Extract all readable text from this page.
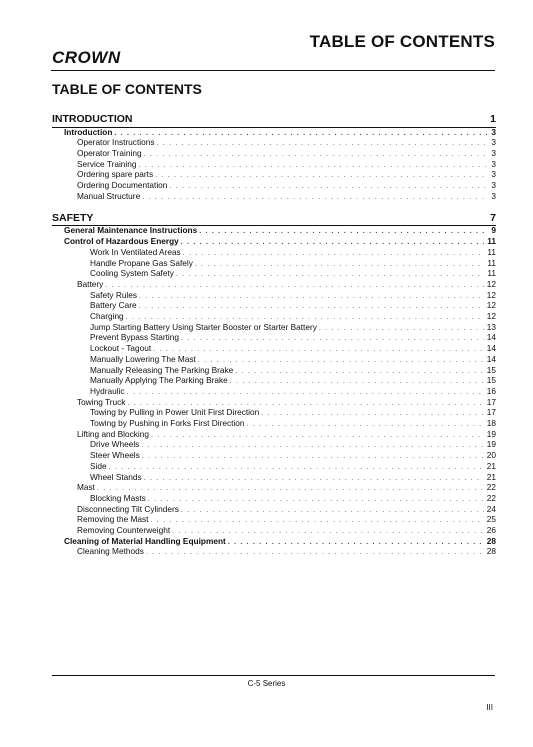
CROWN
TABLE OF CONTENTS
TABLE OF CONTENTS
INTRODUCTION	1
Introduction . . .	3
Operator Instructions . . .	3
Operator Training . . .	3
Service Training . . .	3
Ordering spare parts . . .	3
Ordering Documentation . . .	3
Manual Structure . . .	3
SAFETY	7
General Maintenance Instructions . . .	9
Control of Hazardous Energy . . .	11
Work In Ventilated Areas . . .	11
Handle Propane Gas Safely . . .	11
Cooling System Safety . . .	11
Battery . . .	12
Safety Rules . . .	12
Battery Care . . .	12
Charging . . .	12
Jump Starting Battery Using Starter Booster or Starter Battery . . .	13
Prevent Bypass Starting . . .	14
Lockout - Tagout . . .	14
Manually Lowering The Mast . . .	14
Manually Releasing The Parking Brake . . .	15
Manually Applying The Parking Brake . . .	15
Hydraulic . . .	16
Towing Truck . . .	17
Towing by Pulling in Power Unit First Direction . . .	17
Towing by Pushing in Forks First Direction . . .	18
Lifting and Blocking . . .	19
Drive Wheels . . .	19
Steer Wheels . . .	20
Side . . .	21
Wheel Stands . . .	21
Mast . . .	22
Blocking Masts . . .	22
Disconnecting Tilt Cylinders . . .	24
Removing the Mast . . .	25
Removing Counterweight . . .	26
Cleaning of Material Handling Equipment . . .	28
Cleaning Methods . . .	28
C-5 Series
III
